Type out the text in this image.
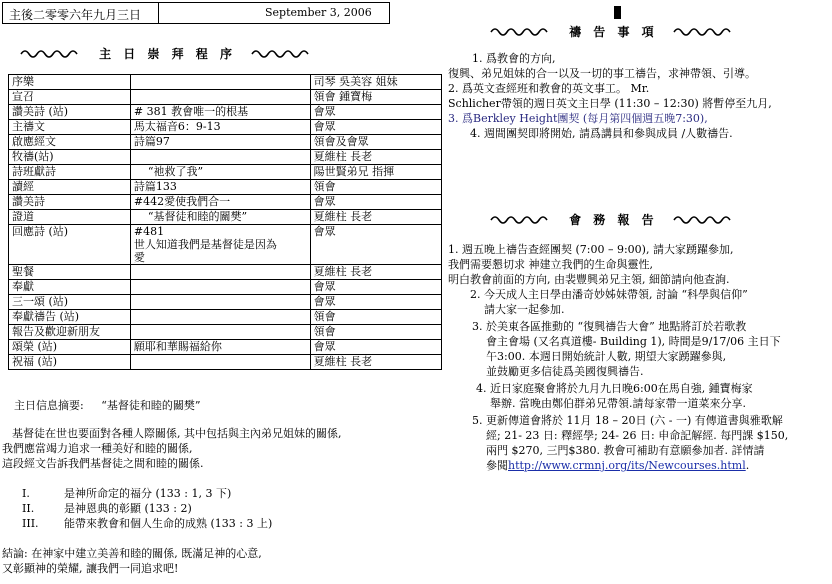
主後二零零六年九月三日	September 3, 2006
主 日 崇 拜 程 序
序樂		司琴 吳美容 姐妹
宣召		領會 鍾寶梅
讚美詩 (站)	# 381 教會唯一的根基	會眾
主禱文	馬太福音6：9-13	會眾
啟應經文	詩篇97	領會及會眾
牧禱(站)		夏維柱 長老
詩班獻詩	“祂救了我”	陽世賢弟兄 指揮
讀經	詩篇133	領會
讚美詩	#442愛使我們合一	會眾
證道	“基督徒和睦的關樊”	夏維柱 長老
回應詩 (站)	#481
世人知道我們是基督徒是因為
愛	會眾
聖餐		夏維柱 長老
奉獻		會眾
三一頌 (站)		會眾
奉獻禱告 (站)		領會
報告及歡迎新朋友		領會
頌榮 (站)	願耶和華賜福給你	會眾
祝福 (站)		夏維柱 長老
主日信息摘要: “基督徒和睦的關樊”
基督徒在世也要面對各種人際關係, 其中包括與主內弟兄姐妹的關係,
我們應當竭力追求一種美好和睦的關係,
這段經文告訴我們基督徒之間和睦的關係.
I.	是神所命定的福分 (133 : 1, 3 下)
II.	是神恩典的彰顯 (133 : 2)
III. 能帶來教會和個人生命的成熟 (133 : 3 上)
結論: 在神家中建立美善和睦的關係, 既滿足神的心意,
又彰顯神的榮耀, 讓我們一同追求吧!
禱 告 事 項
1. 爲教會的方向,
復興、弟兄姐妹的合一以及一切的事工禱告，求神帶領、引導。
2. 爲英文查經班和教會的英文事工。 Mr.
Schlicher帶領的週日英文主日學 (11:30 – 12:30) 將暫停至九月,
3. 爲Berkley Height團契 (每月第四個週五晚7:30),
4. 週間團契即將開始, 請爲講員和參與成員 /人數禱告.
會 務 報 告
1. 週五晚上禱告查經團契 (7:00 – 9:00), 請大家踴躍參加,
我們需要懇切求 神建立我們的生命與靈性,
明白教會前面的方向, 由裴豐興弟兄主領, 細節請向他查詢.
2. 今天成人主日學由潘奇妙姊妹帶領, 討論 “科學與信仰”
請大家一起參加.
3. 於美東各區推動的 “復興禱告大會” 地點將訂於若歌教
會主會場 (又名真道樓- Building 1), 時間是9/17/06 主日下
午3:00. 本週日開始統計人數, 期望大家踴躍參與,
並鼓勵更多信徒爲美國復興禱告.
4. 近日家庭聚會將於九月九日晚6:00在馬自強, 鍾寶梅家
舉辦. 當晚由鄭伯群弟兄帶領.請每家帶一道菜來分享.
5. 更新傳道會將於 11月 18 – 20日 (六 - 一) 有傳道書與雅歌解
經; 21- 23 日: 釋經學; 24- 26 日: 申命記解經. 每門課 $150,
兩門 $270, 三門$380. 教會可補助有意願參加者. 詳情請
參閱http://www.crmnj.org/its/Newcourses.html.
